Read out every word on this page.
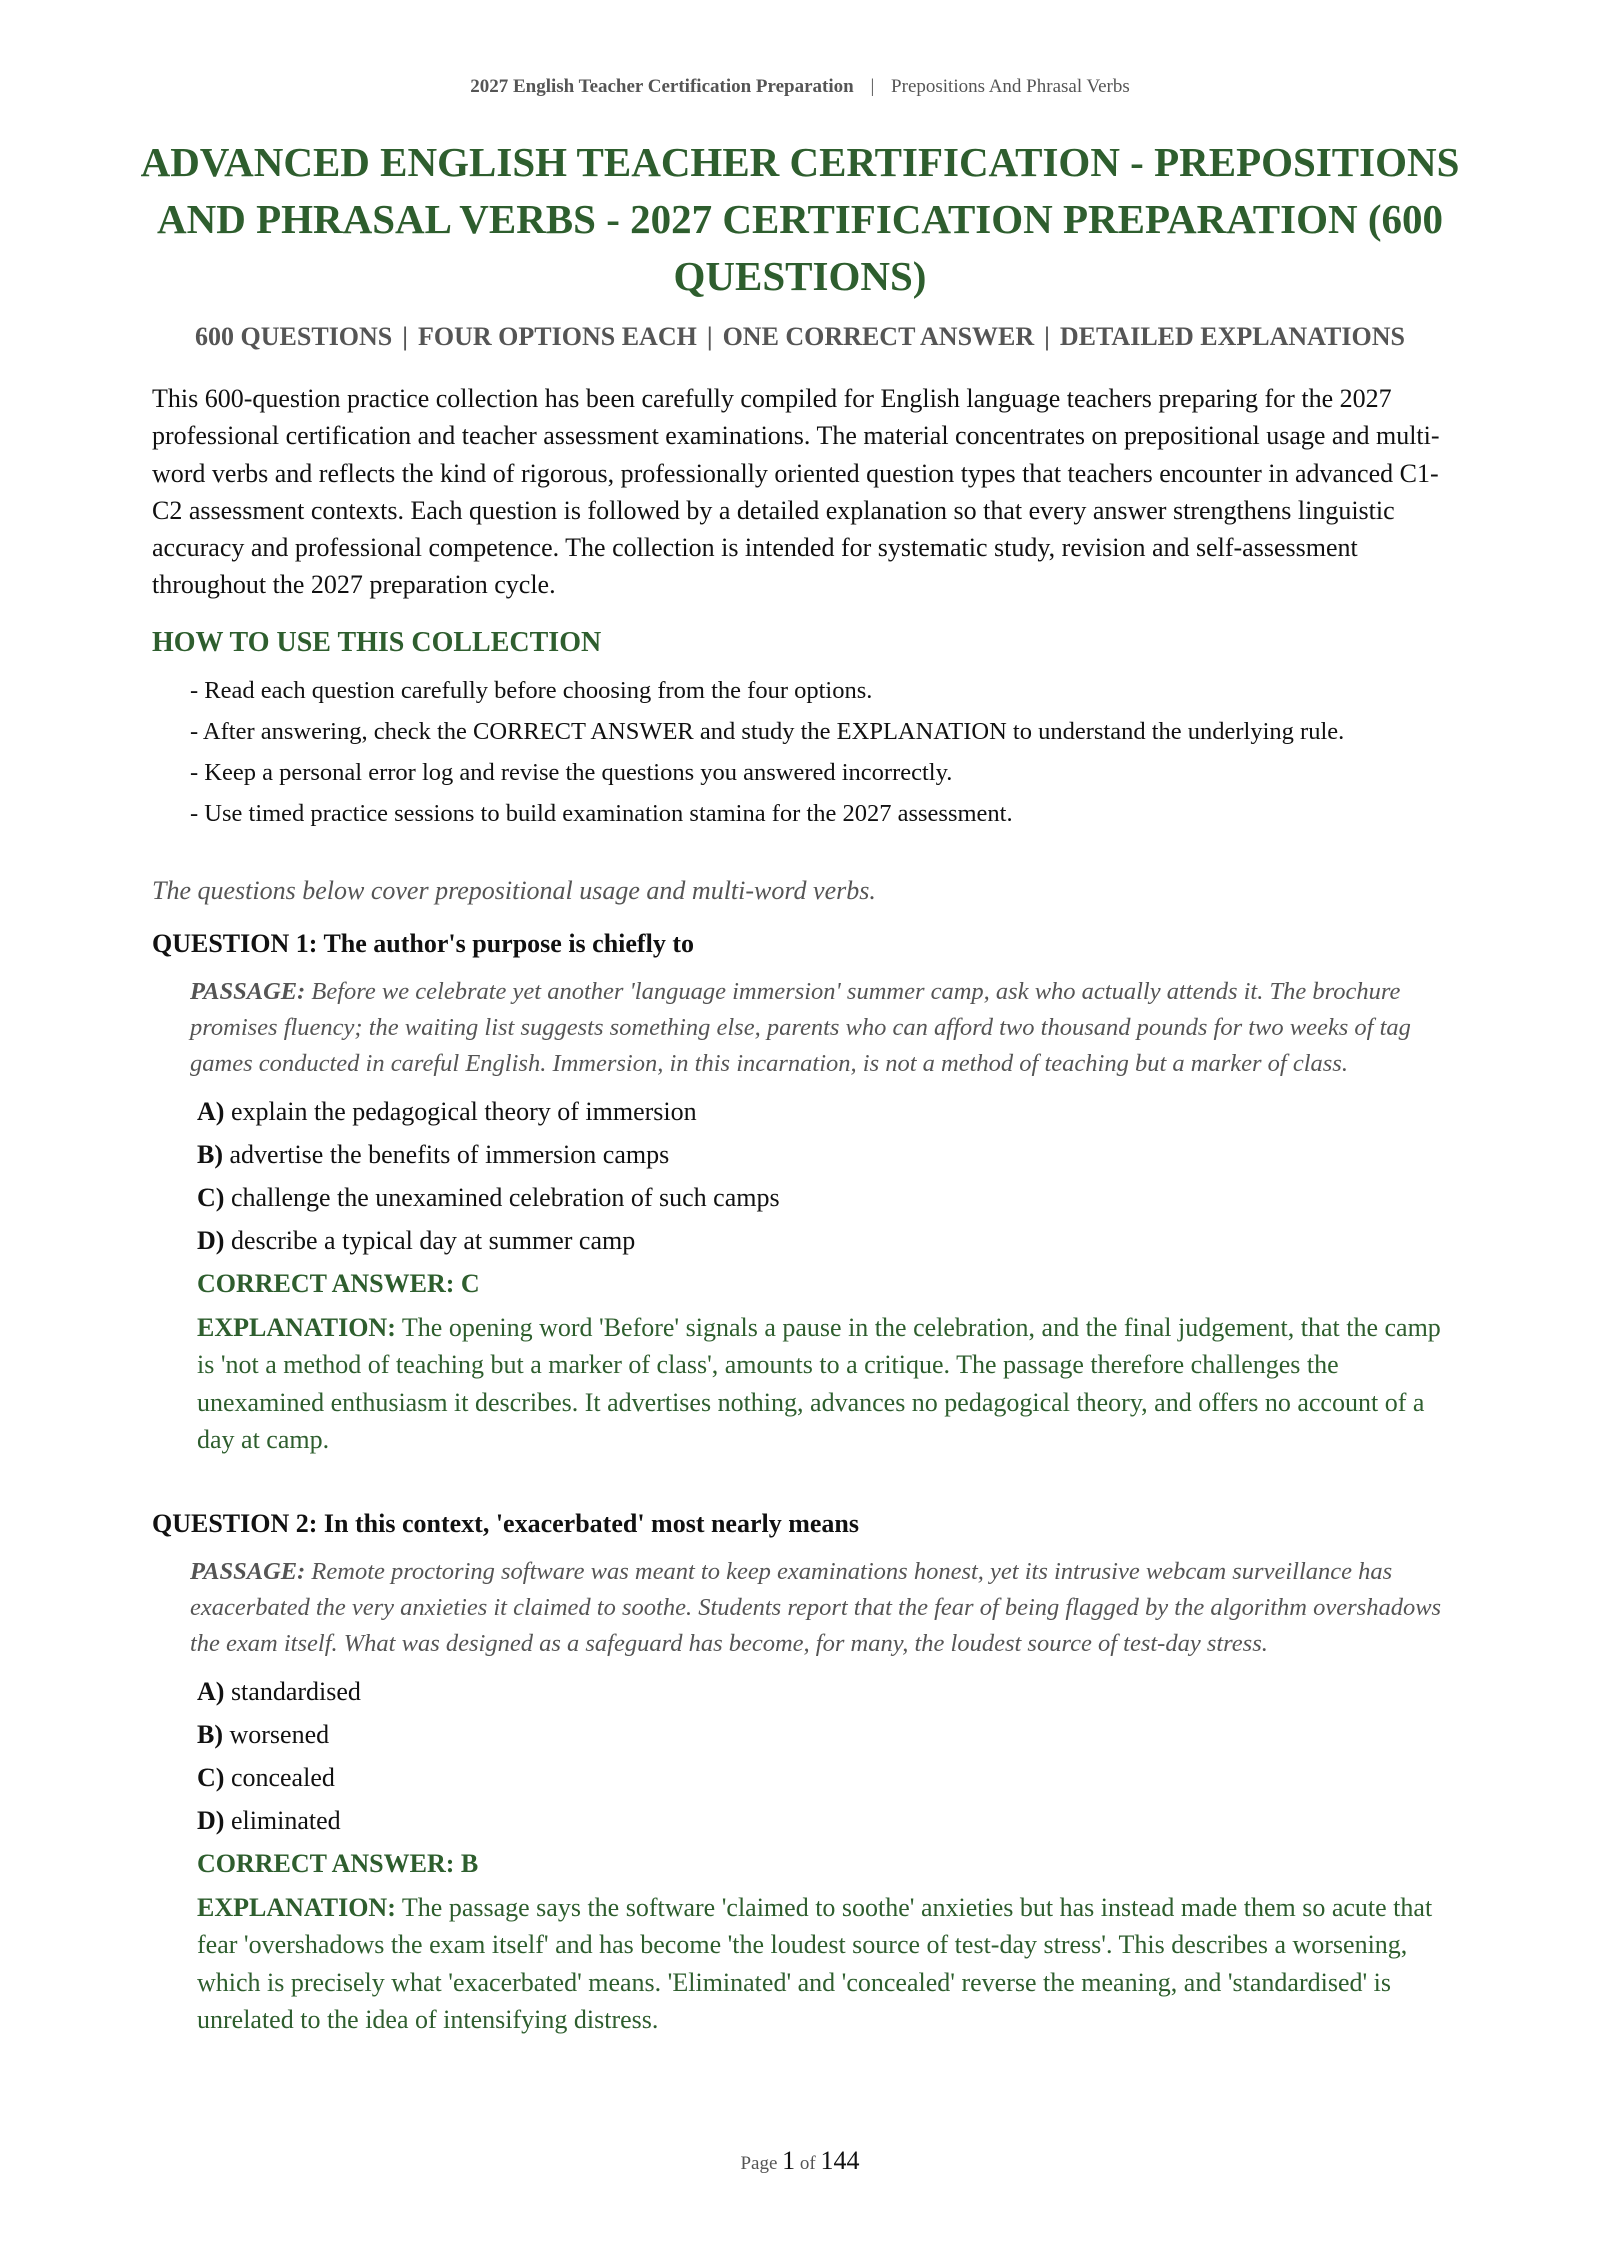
2027 English Teacher Certification Preparation | Prepositions And Phrasal Verbs
ADVANCED ENGLISH TEACHER CERTIFICATION - PREPOSITIONS AND PHRASAL VERBS - 2027 CERTIFICATION PREPARATION (600 QUESTIONS)

600 QUESTIONS | FOUR OPTIONS EACH | ONE CORRECT ANSWER | DETAILED EXPLANATIONS

This 600-question practice collection has been carefully compiled for English language teachers preparing for the 2027 professional certification and teacher assessment examinations. The material concentrates on prepositional usage and multi-word verbs and reflects the kind of rigorous, professionally oriented question types that teachers encounter in advanced C1-C2 assessment contexts. Each question is followed by a detailed explanation so that every answer strengthens linguistic accuracy and professional competence. The collection is intended for systematic study, revision and self-assessment throughout the 2027 preparation cycle.

HOW TO USE THIS COLLECTION
- Read each question carefully before choosing from the four options.
- After answering, check the CORRECT ANSWER and study the EXPLANATION to understand the underlying rule.
- Keep a personal error log and revise the questions you answered incorrectly.
- Use timed practice sessions to build examination stamina for the 2027 assessment.

The questions below cover prepositional usage and multi-word verbs.

QUESTION 1: The author's purpose is chiefly to

PASSAGE: Before we celebrate yet another 'language immersion' summer camp, ask who actually attends it. The brochure promises fluency; the waiting list suggests something else, parents who can afford two thousand pounds for two weeks of tag games conducted in careful English. Immersion, in this incarnation, is not a method of teaching but a marker of class.

A) explain the pedagogical theory of immersion
B) advertise the benefits of immersion camps
C) challenge the unexamined celebration of such camps
D) describe a typical day at summer camp

CORRECT ANSWER: C

EXPLANATION: The opening word 'Before' signals a pause in the celebration, and the final judgement, that the camp is 'not a method of teaching but a marker of class', amounts to a critique. The passage therefore challenges the unexamined enthusiasm it describes. It advertises nothing, advances no pedagogical theory, and offers no account of a day at camp.

QUESTION 2: In this context, 'exacerbated' most nearly means

PASSAGE: Remote proctoring software was meant to keep examinations honest, yet its intrusive webcam surveillance has exacerbated the very anxieties it claimed to soothe. Students report that the fear of being flagged by the algorithm overshadows the exam itself. What was designed as a safeguard has become, for many, the loudest source of test-day stress.

A) standardised
B) worsened
C) concealed
D) eliminated

CORRECT ANSWER: B

EXPLANATION: The passage says the software 'claimed to soothe' anxieties but has instead made them so acute that fear 'overshadows the exam itself' and has become 'the loudest source of test-day stress'. This describes a worsening, which is precisely what 'exacerbated' means. 'Eliminated' and 'concealed' reverse the meaning, and 'standardised' is unrelated to the idea of intensifying distress.

Page 1 of 144
